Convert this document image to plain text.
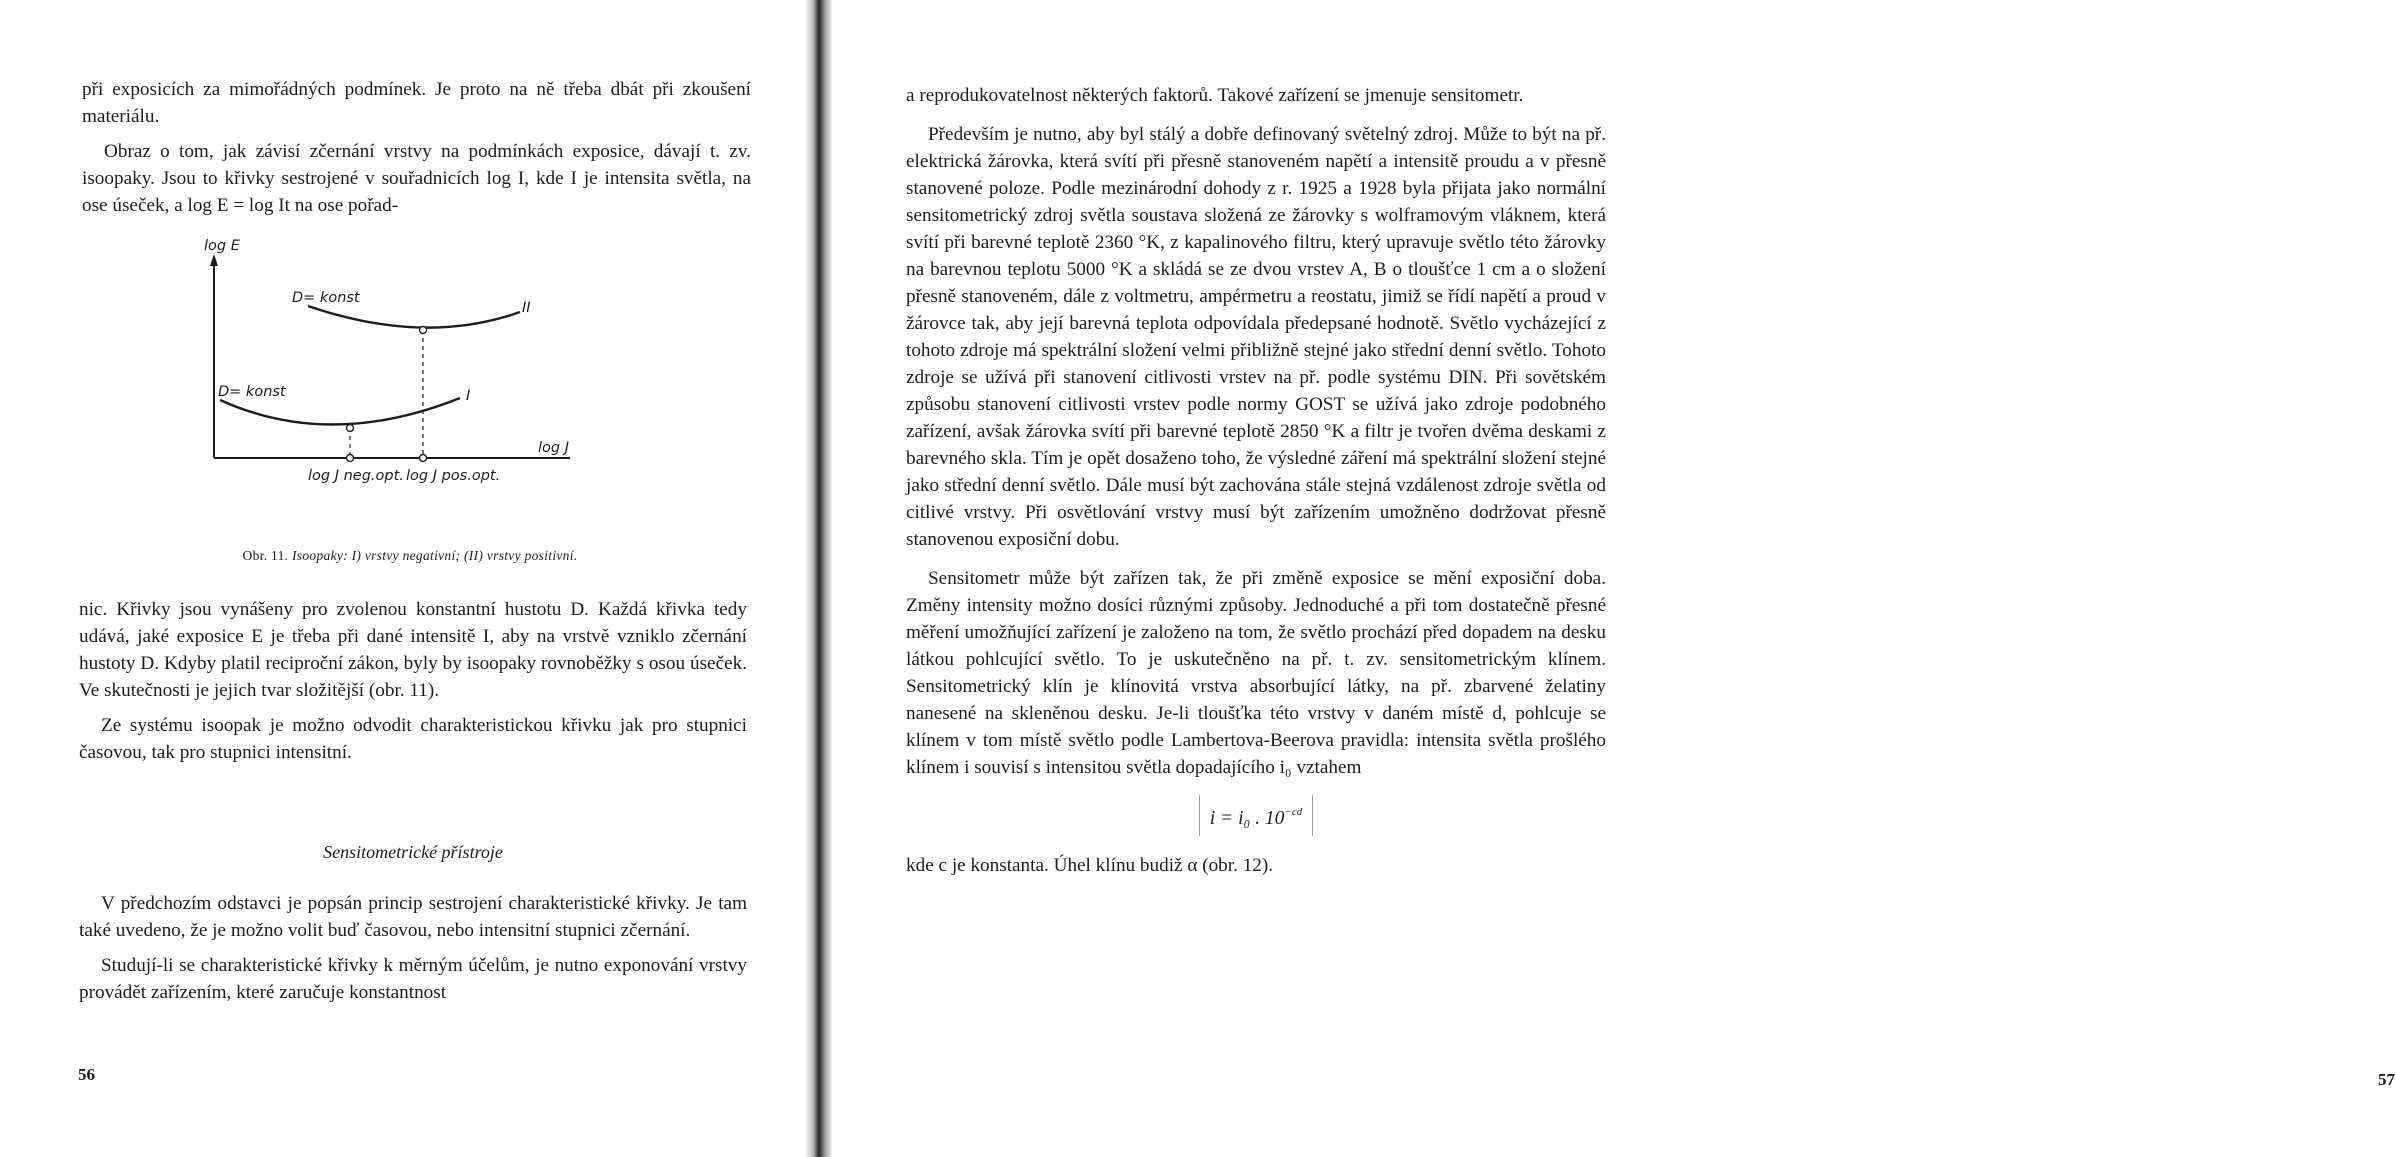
při exposicích za mimořádných podmínek. Je proto na ně třeba dbát při zkoušení materiálu.

Obraz o tom, jak závisí zčernání vrstvy na podmínkách exposice, dávají t. zv. isoopaky. Jsou to křivky sestrojené v souřadnicích log I, kde I je intensita světla, na ose úseček, a log E = log It na ose pořad-

log E
log J
D= konst
II
D= konst	I
log J neg.opt. log J pos.opt.
Obr. 11. Isoopaky: I) vrstvy negativní; (II) vrstvy positivní.

nic. Křivky jsou vynášeny pro zvolenou konstantní hustotu D. Každá křivka tedy udává, jaké exposice E je třeba při dané intensitě I, aby na vrstvě vzniklo zčernání hustoty D. Kdyby platil reciproční zákon, byly by isoopaky rovnoběžky s osou úseček. Ve skutečnosti je jejich tvar složitější (obr. 11).

Ze systému isoopak je možno odvodit charakteristickou křivku jak pro stupnici časovou, tak pro stupnici intensitní.

Sensitometrické přístroje

V předchozím odstavci je popsán princip sestrojení charakteristické křivky. Je tam také uvedeno, že je možno volit buď časovou, nebo intensitní stupnici zčernání.

Studují-li se charakteristické křivky k měrným účelům, je nutno exponování vrstvy provádět zařízením, které zaručuje konstantnost

56

a reprodukovatelnost některých faktorů. Takové zařízení se jmenuje sensitometr.

Především je nutno, aby byl stálý a dobře definovaný světelný zdroj. Může to být na př. elektrická žárovka, která svítí při přesně stanoveném napětí a intensitě proudu a v přesně stanovené poloze. Podle mezinárodní dohody z r. 1925 a 1928 byla přijata jako normální sensitometrický zdroj světla soustava složená ze žárovky s wolframovým vláknem, která svítí při barevné teplotě 2360 °K, z kapalinového filtru, který upravuje světlo této žárovky na barevnou teplotu 5000 °K a skládá se ze dvou vrstev A, B o tloušťce 1 cm a o složení přesně stanoveném, dále z voltmetru, ampérmetru a reostatu, jimiž se řídí napětí a proud v žárovce tak, aby její barevná teplota odpovídala předepsané hodnotě. Světlo vycházející z tohoto zdroje má spektrální složení velmi přibližně stejné jako střední denní světlo. Tohoto zdroje se užívá při stanovení citlivosti vrstev na př. podle systému DIN. Při sovětském způsobu stanovení citlivosti vrstev podle normy GOST se užívá jako zdroje podobného zařízení, avšak žárovka svítí při barevné teplotě 2850 °K a filtr je tvořen dvěma deskami z barevného skla. Tím je opět dosaženo toho, že výsledné záření má spektrální složení stejné jako střední denní světlo. Dále musí být zachována stále stejná vzdálenost zdroje světla od citlivé vrstvy. Při osvětlování vrstvy musí být zařízením umožněno dodržovat přesně stanovenou exposiční dobu.

Sensitometr může být zařízen tak, že při změně exposice se mění exposiční doba. Změny intensity možno dosíci různými způsoby. Jednoduché a při tom dostatečně přesné měření umožňující zařízení je založeno na tom, že světlo prochází před dopadem na desku látkou pohlcující světlo. To je uskutečněno na př. t. zv. sensitometrickým klínem. Sensitometrický klín je klínovitá vrstva absorbující látky, na př. zbarvené želatiny nanesené na skleněnou desku. Je-li tloušťka této vrstvy v daném místě d, pohlcuje se klínem v tom místě světlo podle Lambertova-Beerova pravidla: intensita světla prošlého klínem i souvisí s intensitou světla dopadajícího i₀ vztahem

i = i₀ . $10^{-cd}$

kde c je konstanta. Úhel klínu budiž α (obr. 12).

57
